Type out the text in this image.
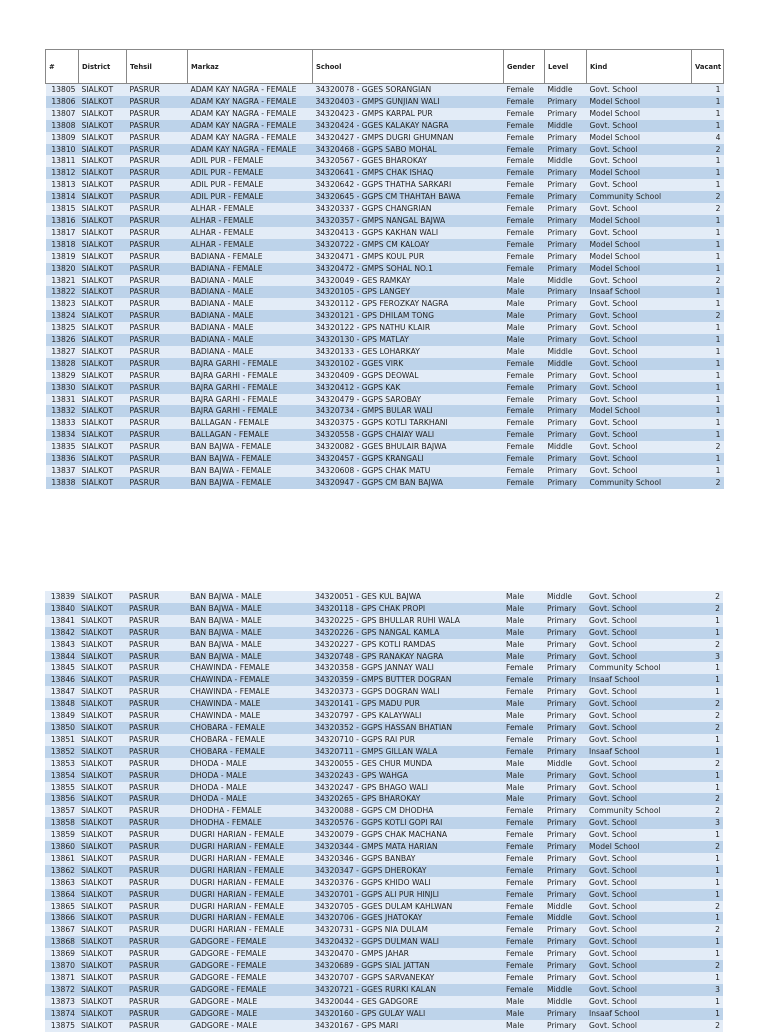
#	District	Tehsil	Markaz	School	Gender	Level	Kind	Vacant
13805	SIALKOT	PASRUR	ADAM KAY NAGRA - FEMALE	34320078 - GGES SORANGIAN	Female	Middle	Govt. School	1
13806	SIALKOT	PASRUR	ADAM KAY NAGRA - FEMALE	34320403 - GMPS GUNJIAN WALI	Female	Primary	Model School	1
13807	SIALKOT	PASRUR	ADAM KAY NAGRA - FEMALE	34320423 - GMPS KARPAL PUR	Female	Primary	Model School	1
13808	SIALKOT	PASRUR	ADAM KAY NAGRA - FEMALE	34320424 - GGES KALAKAY NAGRA	Female	Middle	Govt. School	1
13809	SIALKOT	PASRUR	ADAM KAY NAGRA - FEMALE	34320427 - GMPS DUGRI GHUMNAN	Female	Primary	Model School	4
13810	SIALKOT	PASRUR	ADAM KAY NAGRA - FEMALE	34320468 - GGPS SABO MOHAL	Female	Primary	Govt. School	2
13811	SIALKOT	PASRUR	ADIL PUR - FEMALE	34320567 - GGES BHAROKAY	Female	Middle	Govt. School	1
13812	SIALKOT	PASRUR	ADIL PUR - FEMALE	34320641 - GMPS CHAK ISHAQ	Female	Primary	Model School	1
13813	SIALKOT	PASRUR	ADIL PUR - FEMALE	34320642 - GGPS THATHA SARKARI	Female	Primary	Govt. School	1
13814	SIALKOT	PASRUR	ADIL PUR - FEMALE	34320645 - GGPS CM THAHTAH BAWA	Female	Primary	Community School	2
13815	SIALKOT	PASRUR	ALHAR - FEMALE	34320337 - GGPS CHANGRIAN	Female	Primary	Govt. School	2
13816	SIALKOT	PASRUR	ALHAR - FEMALE	34320357 - GMPS NANGAL BAJWA	Female	Primary	Model School	1
13817	SIALKOT	PASRUR	ALHAR - FEMALE	34320413 - GGPS KAKHAN WALI	Female	Primary	Govt. School	1
13818	SIALKOT	PASRUR	ALHAR - FEMALE	34320722 - GMPS CM KALOAY	Female	Primary	Model School	1
13819	SIALKOT	PASRUR	BADIANA - FEMALE	34320471 - GMPS KOUL PUR	Female	Primary	Model School	1
13820	SIALKOT	PASRUR	BADIANA - FEMALE	34320472 - GMPS SOHAL NO.1	Female	Primary	Model School	1
13821	SIALKOT	PASRUR	BADIANA - MALE	34320049 - GES RAMKAY	Male	Middle	Govt. School	2
13822	SIALKOT	PASRUR	BADIANA - MALE	34320105 - GPS LANGEY	Male	Primary	Insaaf School	1
13823	SIALKOT	PASRUR	BADIANA - MALE	34320112 - GPS FEROZKAY NAGRA	Male	Primary	Govt. School	1
13824	SIALKOT	PASRUR	BADIANA - MALE	34320121 - GPS DHILAM TONG	Male	Primary	Govt. School	2
13825	SIALKOT	PASRUR	BADIANA - MALE	34320122 - GPS NATHU KLAIR	Male	Primary	Govt. School	1
13826	SIALKOT	PASRUR	BADIANA - MALE	34320130 - GPS MATLAY	Male	Primary	Govt. School	1
13827	SIALKOT	PASRUR	BADIANA - MALE	34320133 - GES LOHARKAY	Male	Middle	Govt. School	1
13828	SIALKOT	PASRUR	BAJRA GARHI - FEMALE	34320102 - GGES VIRK	Female	Middle	Govt. School	1
13829	SIALKOT	PASRUR	BAJRA GARHI - FEMALE	34320409 - GGPS DEOWAL	Female	Primary	Govt. School	1
13830	SIALKOT	PASRUR	BAJRA GARHI - FEMALE	34320412 - GGPS KAK	Female	Primary	Govt. School	1
13831	SIALKOT	PASRUR	BAJRA GARHI - FEMALE	34320479 - GGPS SAROBAY	Female	Primary	Govt. School	1
13832	SIALKOT	PASRUR	BAJRA GARHI - FEMALE	34320734 - GMPS BULAR WALI	Female	Primary	Model School	1
13833	SIALKOT	PASRUR	BALLAGAN - FEMALE	34320375 - GGPS KOTLI TARKHANI	Female	Primary	Govt. School	1
13834	SIALKOT	PASRUR	BALLAGAN - FEMALE	34320558 - GGPS CHAIAY WALI	Female	Primary	Govt. School	1
13835	SIALKOT	PASRUR	BAN BAJWA - FEMALE	34320082 - GGES BHULAIR BAJWA	Female	Middle	Govt. School	2
13836	SIALKOT	PASRUR	BAN BAJWA - FEMALE	34320457 - GGPS KRANGALI	Female	Primary	Govt. School	1
13837	SIALKOT	PASRUR	BAN BAJWA - FEMALE	34320608 - GGPS CHAK MATU	Female	Primary	Govt. School	1
13838	SIALKOT	PASRUR	BAN BAJWA - FEMALE	34320947 - GGPS CM BAN BAJWA	Female	Primary	Community School	2
13839	SIALKOT	PASRUR	BAN BAJWA - MALE	34320051 - GES KUL BAJWA	Male	Middle	Govt. School	2
13840	SIALKOT	PASRUR	BAN BAJWA - MALE	34320118 - GPS CHAK PROPI	Male	Primary	Govt. School	2
13841	SIALKOT	PASRUR	BAN BAJWA - MALE	34320225 - GPS BHULLAR RUHI WALA	Male	Primary	Govt. School	1
13842	SIALKOT	PASRUR	BAN BAJWA - MALE	34320226 - GPS NANGAL KAMLA	Male	Primary	Govt. School	1
13843	SIALKOT	PASRUR	BAN BAJWA - MALE	34320227 - GPS KOTLI RAMDAS	Male	Primary	Govt. School	2
13844	SIALKOT	PASRUR	BAN BAJWA - MALE	34320748 - GPS RANAKAY NAGRA	Male	Primary	Govt. School	3
13845	SIALKOT	PASRUR	CHAWINDA - FEMALE	34320358 - GGPS JANNAY WALI	Female	Primary	Community School	1
13846	SIALKOT	PASRUR	CHAWINDA - FEMALE	34320359 - GMPS BUTTER DOGRAN	Female	Primary	Insaaf School	1
13847	SIALKOT	PASRUR	CHAWINDA - FEMALE	34320373 - GGPS DOGRAN WALI	Female	Primary	Govt. School	1
13848	SIALKOT	PASRUR	CHAWINDA - MALE	34320141 - GPS MADU PUR	Male	Primary	Govt. School	2
13849	SIALKOT	PASRUR	CHAWINDA - MALE	34320797 - GPS KALAYWALI	Male	Primary	Govt. School	2
13850	SIALKOT	PASRUR	CHOBARA - FEMALE	34320352 - GGPS HASSAN BHATIAN	Female	Primary	Govt. School	2
13851	SIALKOT	PASRUR	CHOBARA - FEMALE	34320710 - GGPS RAI PUR	Female	Primary	Govt. School	1
13852	SIALKOT	PASRUR	CHOBARA - FEMALE	34320711 - GMPS GILLAN WALA	Female	Primary	Insaaf School	1
13853	SIALKOT	PASRUR	DHODA - MALE	34320055 - GES CHUR MUNDA	Male	Middle	Govt. School	2
13854	SIALKOT	PASRUR	DHODA - MALE	34320243 - GPS WAHGA	Male	Primary	Govt. School	1
13855	SIALKOT	PASRUR	DHODA - MALE	34320247 - GPS BHAGO WALI	Male	Primary	Govt. School	1
13856	SIALKOT	PASRUR	DHODA - MALE	34320265 - GPS BHAROKAY	Male	Primary	Govt. School	2
13857	SIALKOT	PASRUR	DHODHA - FEMALE	34320088 - GGPS CM DHODHA	Female	Primary	Community School	2
13858	SIALKOT	PASRUR	DHODHA - FEMALE	34320576 - GGPS KOTLI GOPI RAI	Female	Primary	Govt. School	3
13859	SIALKOT	PASRUR	DUGRI HARIAN - FEMALE	34320079 - GGPS CHAK MACHANA	Female	Primary	Govt. School	1
13860	SIALKOT	PASRUR	DUGRI HARIAN - FEMALE	34320344 - GMPS MATA HARIAN	Female	Primary	Model School	2
13861	SIALKOT	PASRUR	DUGRI HARIAN - FEMALE	34320346 - GGPS BANBAY	Female	Primary	Govt. School	1
13862	SIALKOT	PASRUR	DUGRI HARIAN - FEMALE	34320347 - GGPS DHEROKAY	Female	Primary	Govt. School	1
13863	SIALKOT	PASRUR	DUGRI HARIAN - FEMALE	34320376 - GGPS KHIDO WALI	Female	Primary	Govt. School	1
13864	SIALKOT	PASRUR	DUGRI HARIAN - FEMALE	34320701 - GGPS ALI PUR HINJLI	Female	Primary	Govt. School	1
13865	SIALKOT	PASRUR	DUGRI HARIAN - FEMALE	34320705 - GGES DULAM KAHLWAN	Female	Middle	Govt. School	2
13866	SIALKOT	PASRUR	DUGRI HARIAN - FEMALE	34320706 - GGES JHATOKAY	Female	Middle	Govt. School	1
13867	SIALKOT	PASRUR	DUGRI HARIAN - FEMALE	34320731 - GGPS NIA DULAM	Female	Primary	Govt. School	2
13868	SIALKOT	PASRUR	GADGORE - FEMALE	34320432 - GGPS DULMAN WALI	Female	Primary	Govt. School	1
13869	SIALKOT	PASRUR	GADGORE - FEMALE	34320470 - GMPS JAHAR	Female	Primary	Govt. School	1
13870	SIALKOT	PASRUR	GADGORE - FEMALE	34320689 - GGPS SIAL JATTAN	Female	Primary	Govt. School	2
13871	SIALKOT	PASRUR	GADGORE - FEMALE	34320707 - GGPS SARVANEKAY	Female	Primary	Govt. School	1
13872	SIALKOT	PASRUR	GADGORE - FEMALE	34320721 - GGES RURKI KALAN	Female	Middle	Govt. School	3
13873	SIALKOT	PASRUR	GADGORE - MALE	34320044 - GES GADGORE	Male	Middle	Govt. School	1
13874	SIALKOT	PASRUR	GADGORE - MALE	34320160 - GPS GULAY WALI	Male	Primary	Insaaf School	1
13875	SIALKOT	PASRUR	GADGORE - MALE	34320167 - GPS MARI	Male	Primary	Govt. School	2
